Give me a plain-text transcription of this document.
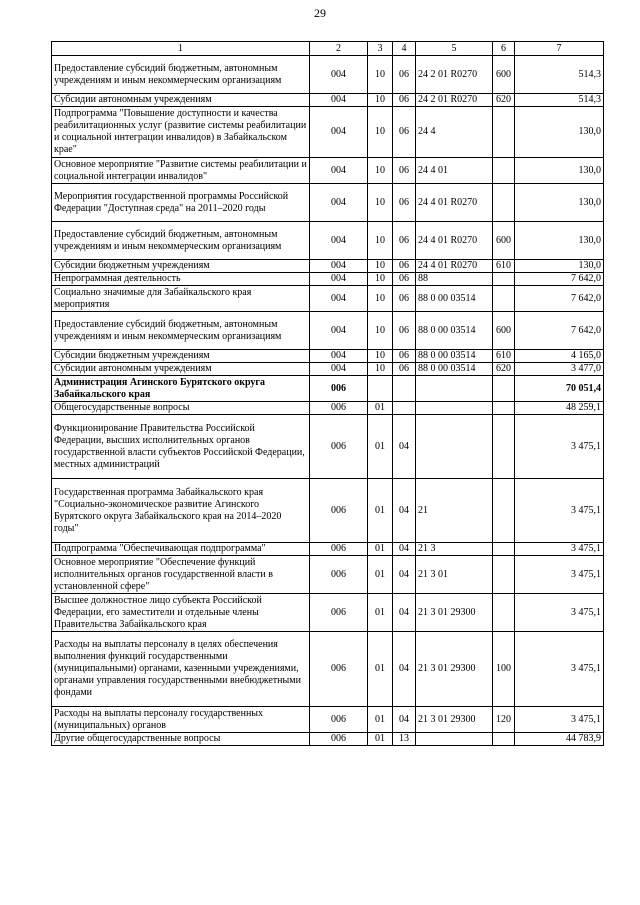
29
1	2	3	4	5	6	7
Предоставление субсидий бюджетным, автономным учреждениям и иным некоммерческим организациям	004	10	06	24 2 01 R0270	600	514,3
Субсидии автономным учреждениям	004	10	06	24 2 01 R0270	620	514,3
Подпрограмма "Повышение доступности и качества реабилитационных услуг (развитие системы реабилитации и социальной интеграции инвалидов) в Забайкальском крае"	004	10	06	24 4		130,0
Основное мероприятие "Развитие системы реабилитации и социальной интеграции инвалидов"	004	10	06	24 4 01		130,0
Мероприятия государственной программы Российской Федерации "Доступная среда" на 2011–2020 годы	004	10	06	24 4 01 R0270		130,0
Предоставление субсидий бюджетным, автономным учреждениям и иным некоммерческим организациям	004	10	06	24 4 01 R0270	600	130,0
Субсидии бюджетным учреждениям	004	10	06	24 4 01 R0270	610	130,0
Непрограммная деятельность	004	10	06	88		7 642,0
Социально значимые для Забайкальского края мероприятия	004	10	06	88 0 00 03514		7 642,0
Предоставление субсидий бюджетным, автономным учреждениям и иным некоммерческим организациям	004	10	06	88 0 00 03514	600	7 642,0
Субсидии бюджетным учреждениям	004	10	06	88 0 00 03514	610	4 165,0
Субсидии автономным учреждениям	004	10	06	88 0 00 03514	620	3 477,0
Администрация Агинского Бурятского округа Забайкальского края	006					70 051,4
Общегосударственные вопросы	006	01				48 259,1
Функционирование Правительства Российской Федерации, высших исполнительных органов государственной власти субъектов Российской Федерации, местных администраций	006	01	04			3 475,1
Государственная программа Забайкальского края "Социально-экономическое развитие Агинского Бурятского округа Забайкальского края на 2014–2020 годы"	006	01	04	21		3 475,1
Подпрограмма "Обеспечивающая подпрограмма"	006	01	04	21 3		3 475,1
Основное мероприятие "Обеспечение функций исполнительных органов государственной власти в установленной сфере"	006	01	04	21 3 01		3 475,1
Высшее должностное лицо субъекта Российской Федерации, его заместители и отдельные члены Правительства Забайкальского края	006	01	04	21 3 01 29300		3 475,1
Расходы на выплаты персоналу в целях обеспечения выполнения функций государственными (муниципальными) органами, казенными учреждениями, органами управления государственными внебюджетными фондами	006	01	04	21 3 01 29300	100	3 475,1
Расходы на выплаты персоналу государственных (муниципальных) органов	006	01	04	21 3 01 29300	120	3 475,1
Другие общегосударственные вопросы	006	01	13			44 783,9
